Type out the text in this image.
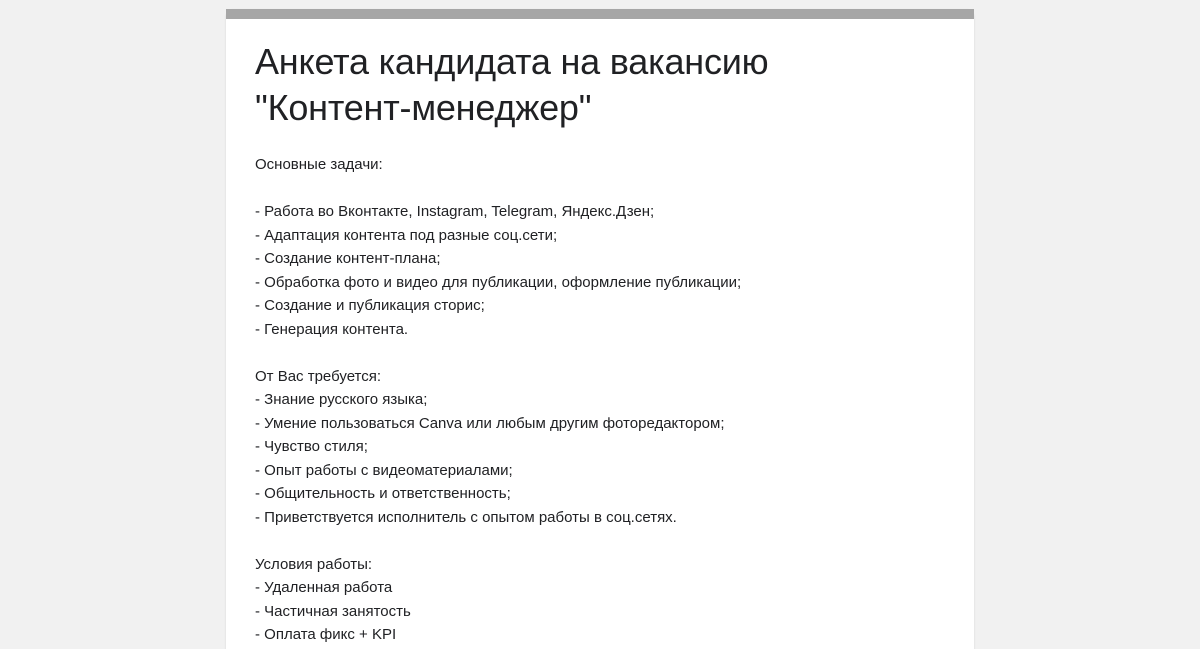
Анкета кандидата на вакансию
"Контент-менеджер"
Основные задачи:
- Работа во Вконтакте, Instagram, Telegram, Яндекс.Дзен;
- Адаптация контента под разные соц.сети;
- Создание контент-плана;
- Обработка фото и видео для публикации, оформление публикации;
- Создание и публикация сторис;
- Генерация контента.
От Вас требуется:
- Знание русского языка;
- Умение пользоваться Canva или любым другим фоторедактором;
- Чувство стиля;
- Опыт работы с видеоматериалами;
- Общительность и ответственность;
- Приветствуется исполнитель с опытом работы в соц.сетях.
Условия работы:
- Удаленная работа
- Частичная занятость
- Оплата фикс + KPI
